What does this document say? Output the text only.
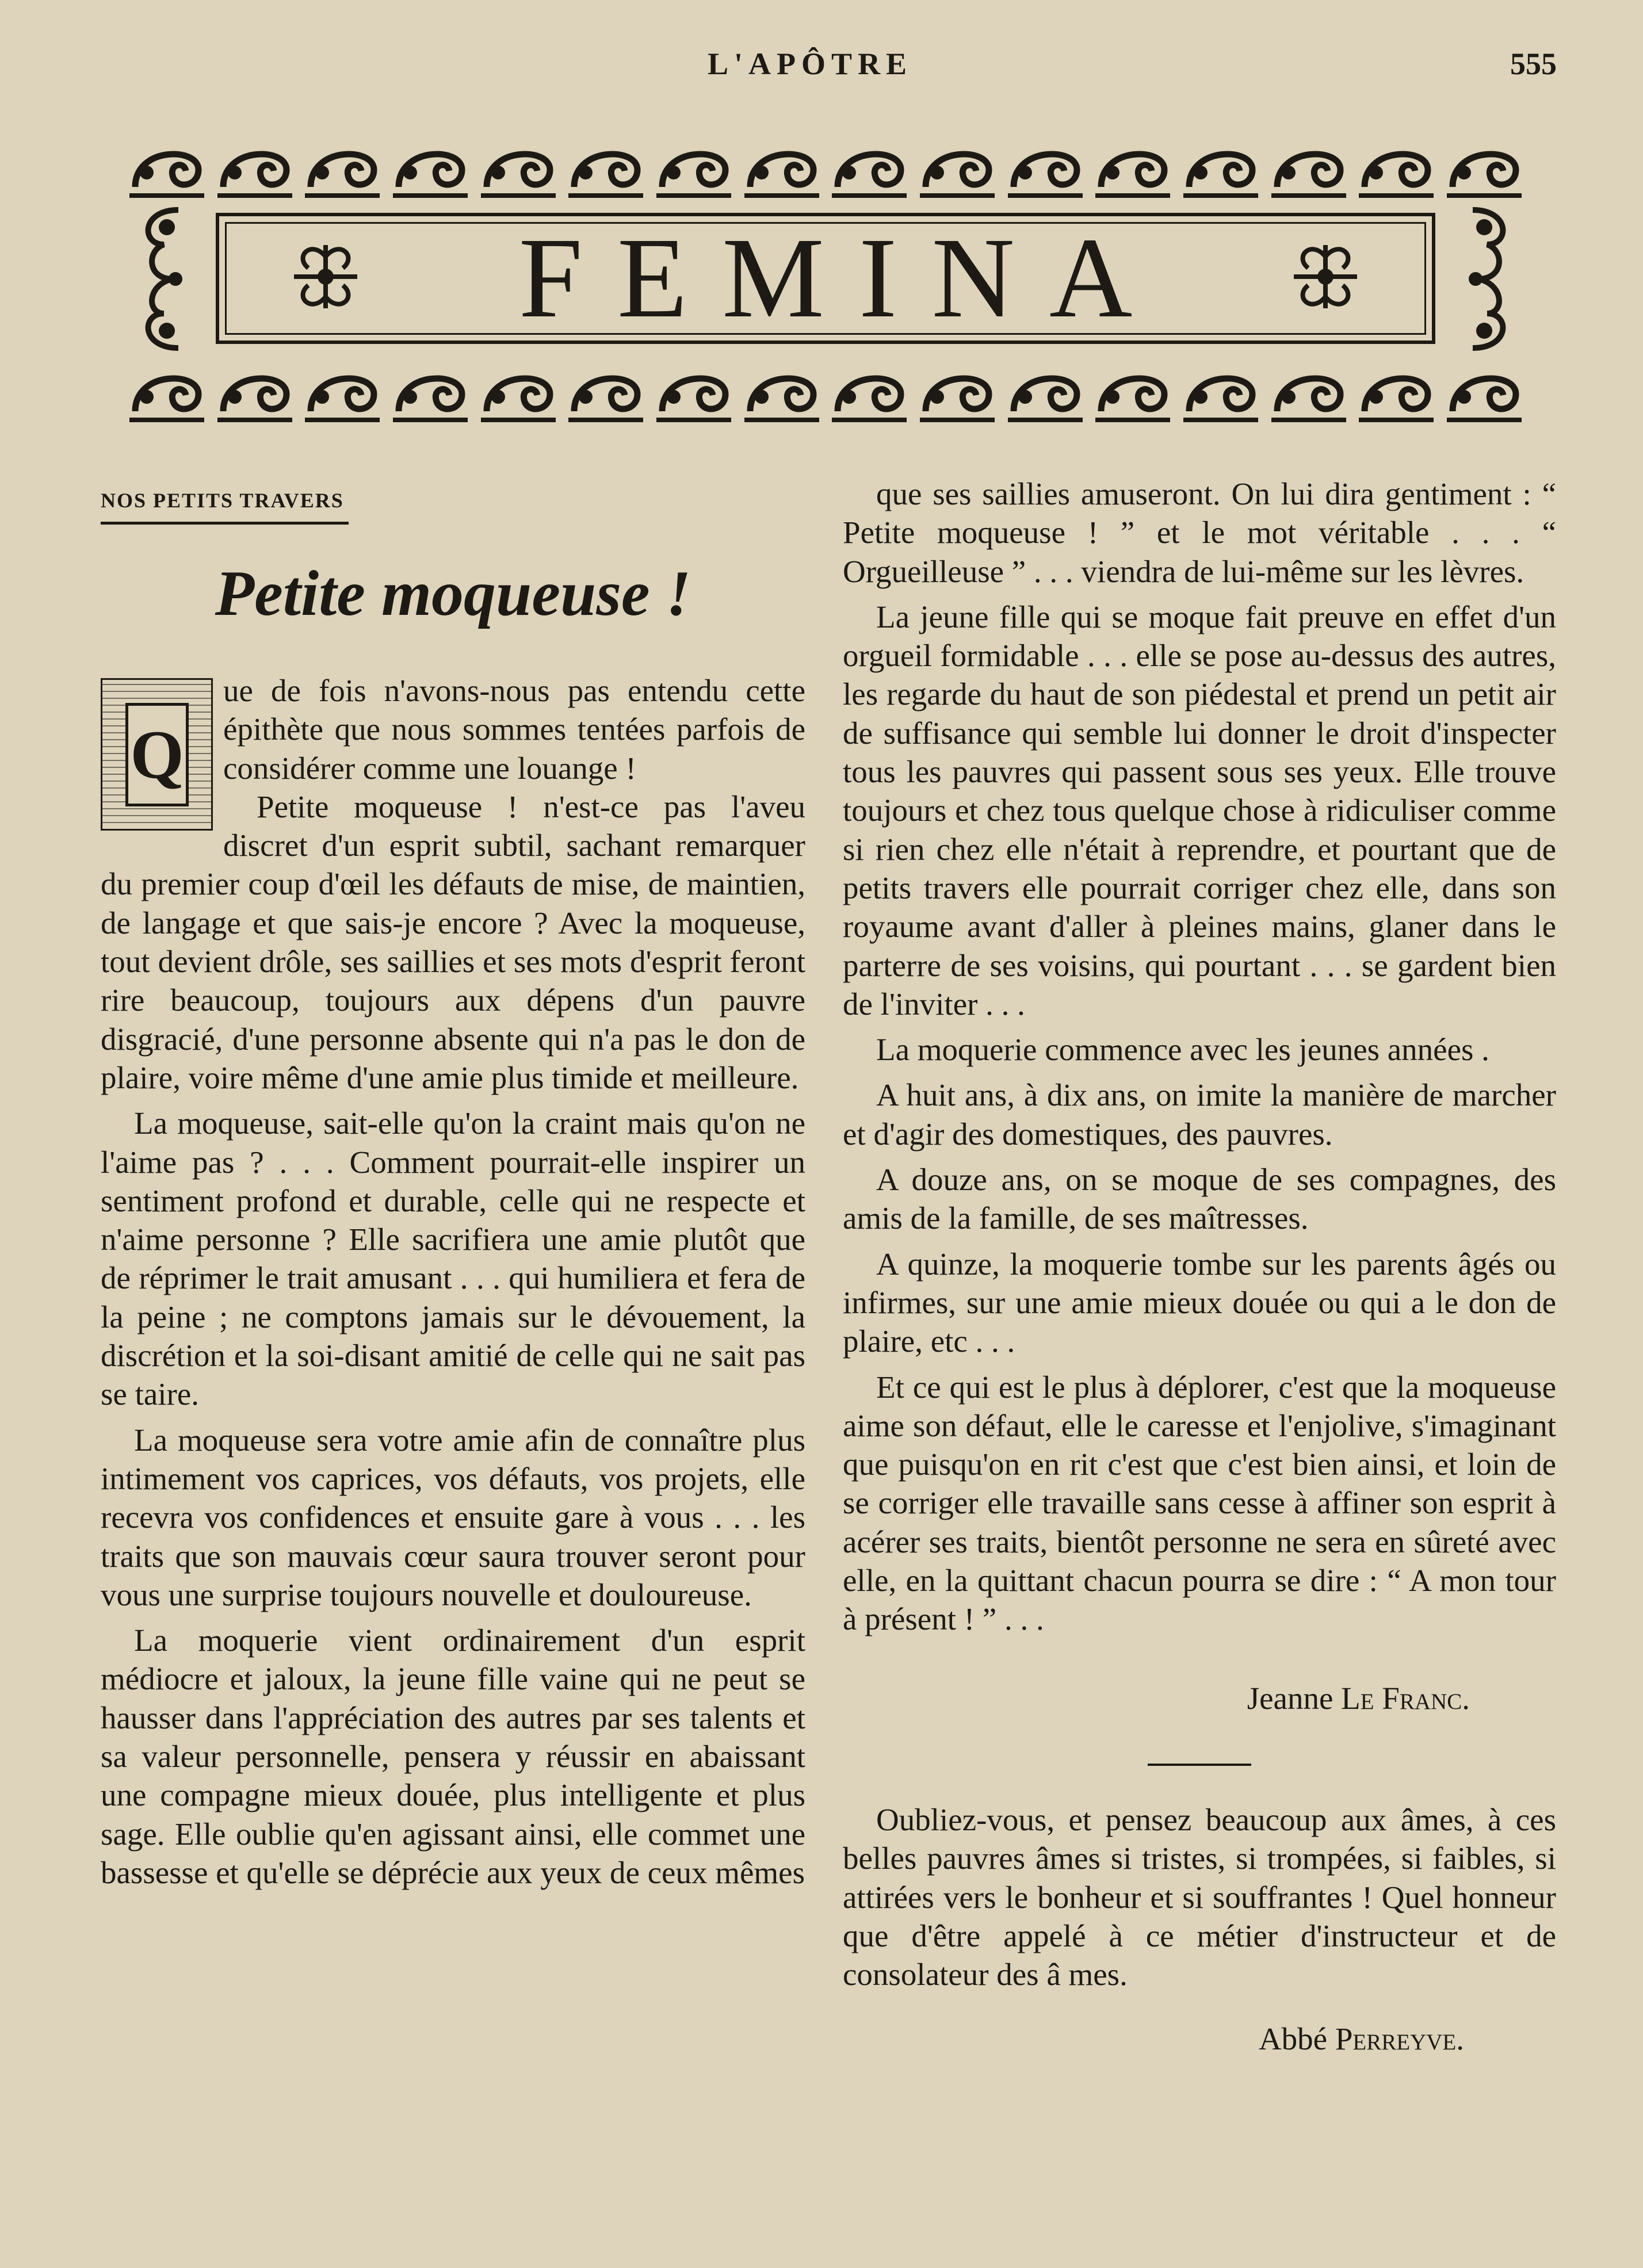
L'APÔTRE	555
FEMINA
NOS PETITS TRAVERS
Petite moqueuse !
Q

ue de fois n'avons-nous pas entendu cette épithète que nous sommes tentées parfois de considérer comme une louange !

Petite moqueuse ! n'est-ce pas l'aveu discret d'un esprit subtil, sachant remarquer du premier coup d'œil les défauts de mise, de maintien, de langage et que sais-je encore ? Avec la moqueuse, tout devient drôle, ses saillies et ses mots d'esprit feront rire beaucoup, toujours aux dépens d'un pauvre disgracié, d'une personne absente qui n'a pas le don de plaire, voire même d'une amie plus timide et meilleure.

La moqueuse, sait-elle qu'on la craint mais qu'on ne l'aime pas ? . . . Comment pourrait-elle inspirer un sentiment profond et durable, celle qui ne respecte et n'aime personne ? Elle sacrifiera une amie plutôt que de réprimer le trait amusant . . . qui humiliera et fera de la peine ; ne comptons jamais sur le dévouement, la discrétion et la soi-disant amitié de celle qui ne sait pas se taire.

La moqueuse sera votre amie afin de connaître plus intimement vos caprices, vos défauts, vos projets, elle recevra vos confidences et ensuite gare à vous . . . les traits que son mauvais cœur saura trouver seront pour vous une surprise toujours nouvelle et douloureuse.

La moquerie vient ordinairement d'un esprit médiocre et jaloux, la jeune fille vaine qui ne peut se hausser dans l'appréciation des autres par ses talents et sa valeur personnelle, pensera y réussir en abaissant une compagne mieux douée, plus intelligente et plus sage. Elle oublie qu'en agissant ainsi, elle commet une bassesse et qu'elle se déprécie aux yeux de ceux mêmes

que ses saillies amuseront. On lui dira gentiment : “ Petite moqueuse ! ” et le mot véritable . . . “ Orgueilleuse ” . . . viendra de lui-même sur les lèvres.

La jeune fille qui se moque fait preuve en effet d'un orgueil formidable . . . elle se pose au-dessus des autres, les regarde du haut de son piédestal et prend un petit air de suffisance qui semble lui donner le droit d'inspecter tous les pauvres qui passent sous ses yeux. Elle trouve toujours et chez tous quelque chose à ridiculiser comme si rien chez elle n'était à reprendre, et pourtant que de petits travers elle pourrait corriger chez elle, dans son royaume avant d'aller à pleines mains, glaner dans le parterre de ses voisins, qui pourtant . . . se gardent bien de l'inviter . . .

La moquerie commence avec les jeunes années .

A huit ans, à dix ans, on imite la manière de marcher et d'agir des domestiques, des pauvres.

A douze ans, on se moque de ses compagnes, des amis de la famille, de ses maîtresses.

A quinze, la moquerie tombe sur les parents âgés ou infirmes, sur une amie mieux douée ou qui a le don de plaire, etc . . .

Et ce qui est le plus à déplorer, c'est que la moqueuse aime son défaut, elle le caresse et l'enjolive, s'imaginant que puisqu'on en rit c'est que c'est bien ainsi, et loin de se corriger elle travaille sans cesse à affiner son esprit à acérer ses traits, bientôt personne ne sera en sûreté avec elle, en la quittant chacun pourra se dire : “ A mon tour à présent ! ” . . .

Jeanne Le Franc.

Oubliez-vous, et pensez beaucoup aux âmes, à ces belles pauvres âmes si tristes, si trompées, si faibles, si attirées vers le bonheur et si souffrantes ! Quel honneur que d'être appelé à ce métier d'instructeur et de consolateur des â mes.

Abbé Perreyve.
